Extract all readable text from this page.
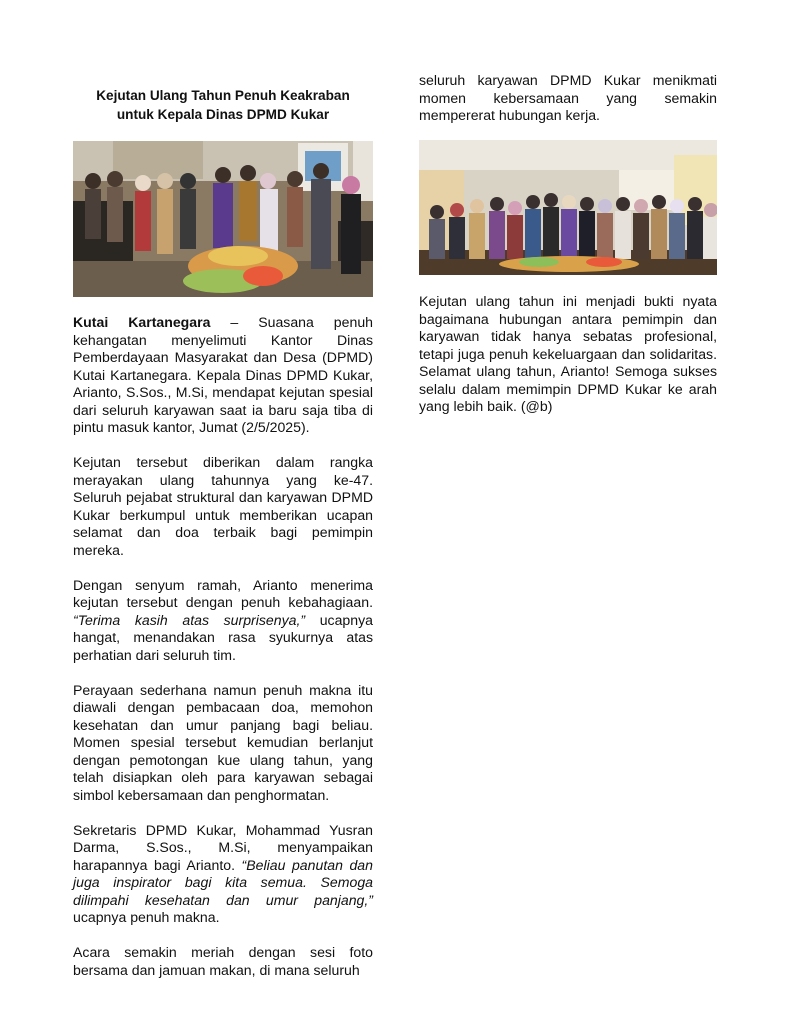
Kejutan Ulang Tahun Penuh Keakraban
untuk Kepala Dinas DPMD Kukar

Kutai Kartanegara – Suasana penuh kehangatan menyelimuti Kantor Dinas Pemberdayaan Masyarakat dan Desa (DPMD) Kutai Kartanegara. Kepala Dinas DPMD Kukar, Arianto, S.Sos., M.Si, mendapat kejutan spesial dari seluruh karyawan saat ia baru saja tiba di pintu masuk kantor, Jumat (2/5/2025).

Kejutan tersebut diberikan dalam rangka merayakan ulang tahunnya yang ke-47. Seluruh pejabat struktural dan karyawan DPMD Kukar berkumpul untuk memberikan ucapan selamat dan doa terbaik bagi pemimpin mereka.

Dengan senyum ramah, Arianto menerima kejutan tersebut dengan penuh kebahagiaan. “Terima kasih atas surprisenya,” ucapnya hangat, menandakan rasa syukurnya atas perhatian dari seluruh tim.

Perayaan sederhana namun penuh makna itu diawali dengan pembacaan doa, memohon kesehatan dan umur panjang bagi beliau. Momen spesial tersebut kemudian berlanjut dengan pemotongan kue ulang tahun, yang telah disiapkan oleh para karyawan sebagai simbol kebersamaan dan penghormatan.

Sekretaris DPMD Kukar, Mohammad Yusran Darma, S.Sos., M.Si, menyampaikan harapannya bagi Arianto. “Beliau panutan dan juga inspirator bagi kita semua. Semoga dilimpahi kesehatan dan umur panjang,” ucapnya penuh makna.

Acara semakin meriah dengan sesi foto bersama dan jamuan makan, di mana seluruh

seluruh karyawan DPMD Kukar menikmati momen kebersamaan yang semakin mempererat hubungan kerja.

Kejutan ulang tahun ini menjadi bukti nyata bagaimana hubungan antara pemimpin dan karyawan tidak hanya sebatas profesional, tetapi juga penuh kekeluargaan dan solidaritas. Selamat ulang tahun, Arianto! Semoga sukses selalu dalam memimpin DPMD Kukar ke arah yang lebih baik. (@b)
